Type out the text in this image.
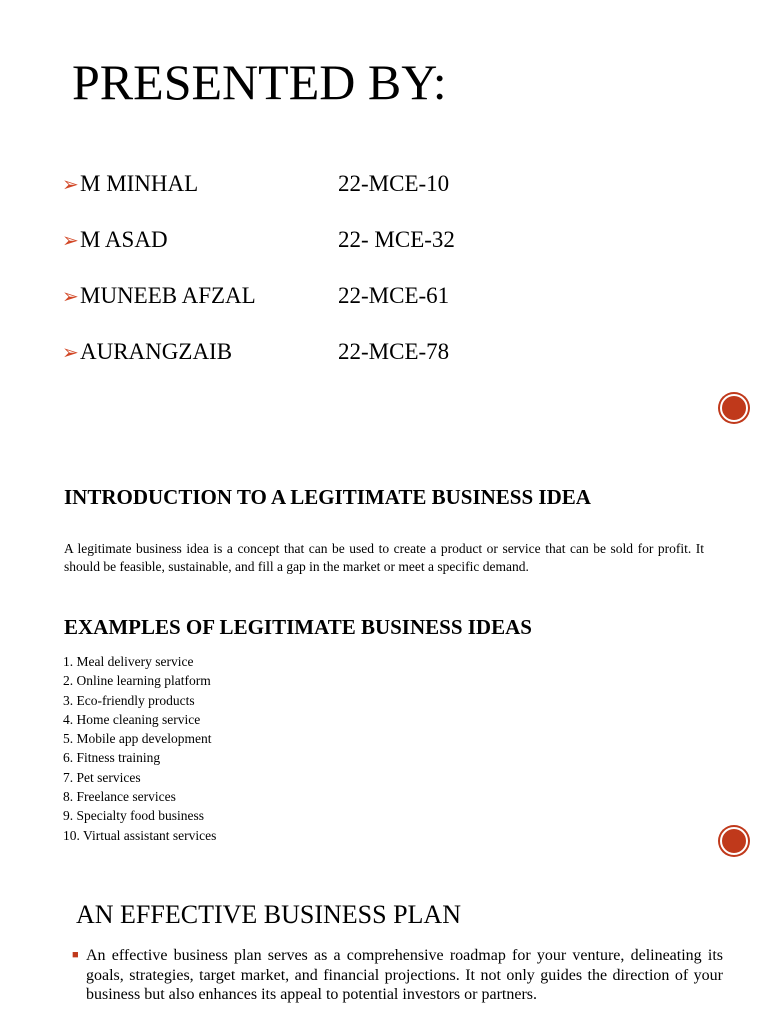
PRESENTED BY:
➢M MINHAL	22-MCE-10
➢M ASAD	22- MCE-32
➢MUNEEB AFZAL	22-MCE-61
➢AURANGZAIB	22-MCE-78
INTRODUCTION TO A LEGITIMATE BUSINESS IDEA
A legitimate business idea is a concept that can be used to create a product or service that can be sold for profit. It should be feasible, sustainable, and fill a gap in the market or meet a specific demand.
EXAMPLES OF LEGITIMATE BUSINESS IDEAS
1. Meal delivery service
2. Online learning platform
3. Eco-friendly products
4. Home cleaning service
5. Mobile app development
6. Fitness training
7. Pet services
8. Freelance services
9. Specialty food business
10. Virtual assistant services
AN EFFECTIVE BUSINESS PLAN
■ An effective business plan serves as a comprehensive roadmap for your venture, delineating its goals, strategies, target market, and financial projections. It not only guides the direction of your business but also enhances its appeal to potential investors or partners.
